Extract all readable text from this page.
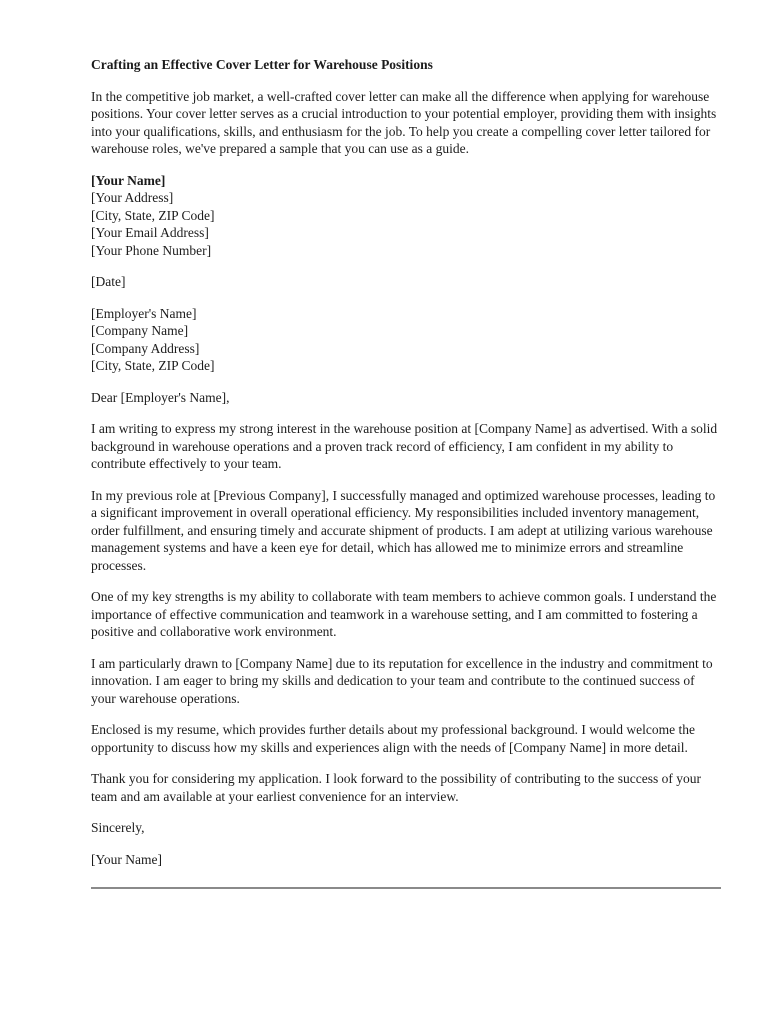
Crafting an Effective Cover Letter for Warehouse Positions

In the competitive job market, a well-crafted cover letter can make all the difference when applying for warehouse positions. Your cover letter serves as a crucial introduction to your potential employer, providing them with insights into your qualifications, skills, and enthusiasm for the job. To help you create a compelling cover letter tailored for warehouse roles, we've prepared a sample that you can use as a guide.

[Your Name]
[Your Address]
[City, State, ZIP Code]
[Your Email Address]
[Your Phone Number]

[Date]

[Employer's Name]
[Company Name]
[Company Address]
[City, State, ZIP Code]

Dear [Employer's Name],

I am writing to express my strong interest in the warehouse position at [Company Name] as advertised. With a solid background in warehouse operations and a proven track record of efficiency, I am confident in my ability to contribute effectively to your team.

In my previous role at [Previous Company], I successfully managed and optimized warehouse processes, leading to a significant improvement in overall operational efficiency. My responsibilities included inventory management, order fulfillment, and ensuring timely and accurate shipment of products. I am adept at utilizing various warehouse management systems and have a keen eye for detail, which has allowed me to minimize errors and streamline processes.

One of my key strengths is my ability to collaborate with team members to achieve common goals. I understand the importance of effective communication and teamwork in a warehouse setting, and I am committed to fostering a positive and collaborative work environment.

I am particularly drawn to [Company Name] due to its reputation for excellence in the industry and commitment to innovation. I am eager to bring my skills and dedication to your team and contribute to the continued success of your warehouse operations.

Enclosed is my resume, which provides further details about my professional background. I would welcome the opportunity to discuss how my skills and experiences align with the needs of [Company Name] in more detail.

Thank you for considering my application. I look forward to the possibility of contributing to the success of your team and am available at your earliest convenience for an interview.

Sincerely,

[Your Name]
